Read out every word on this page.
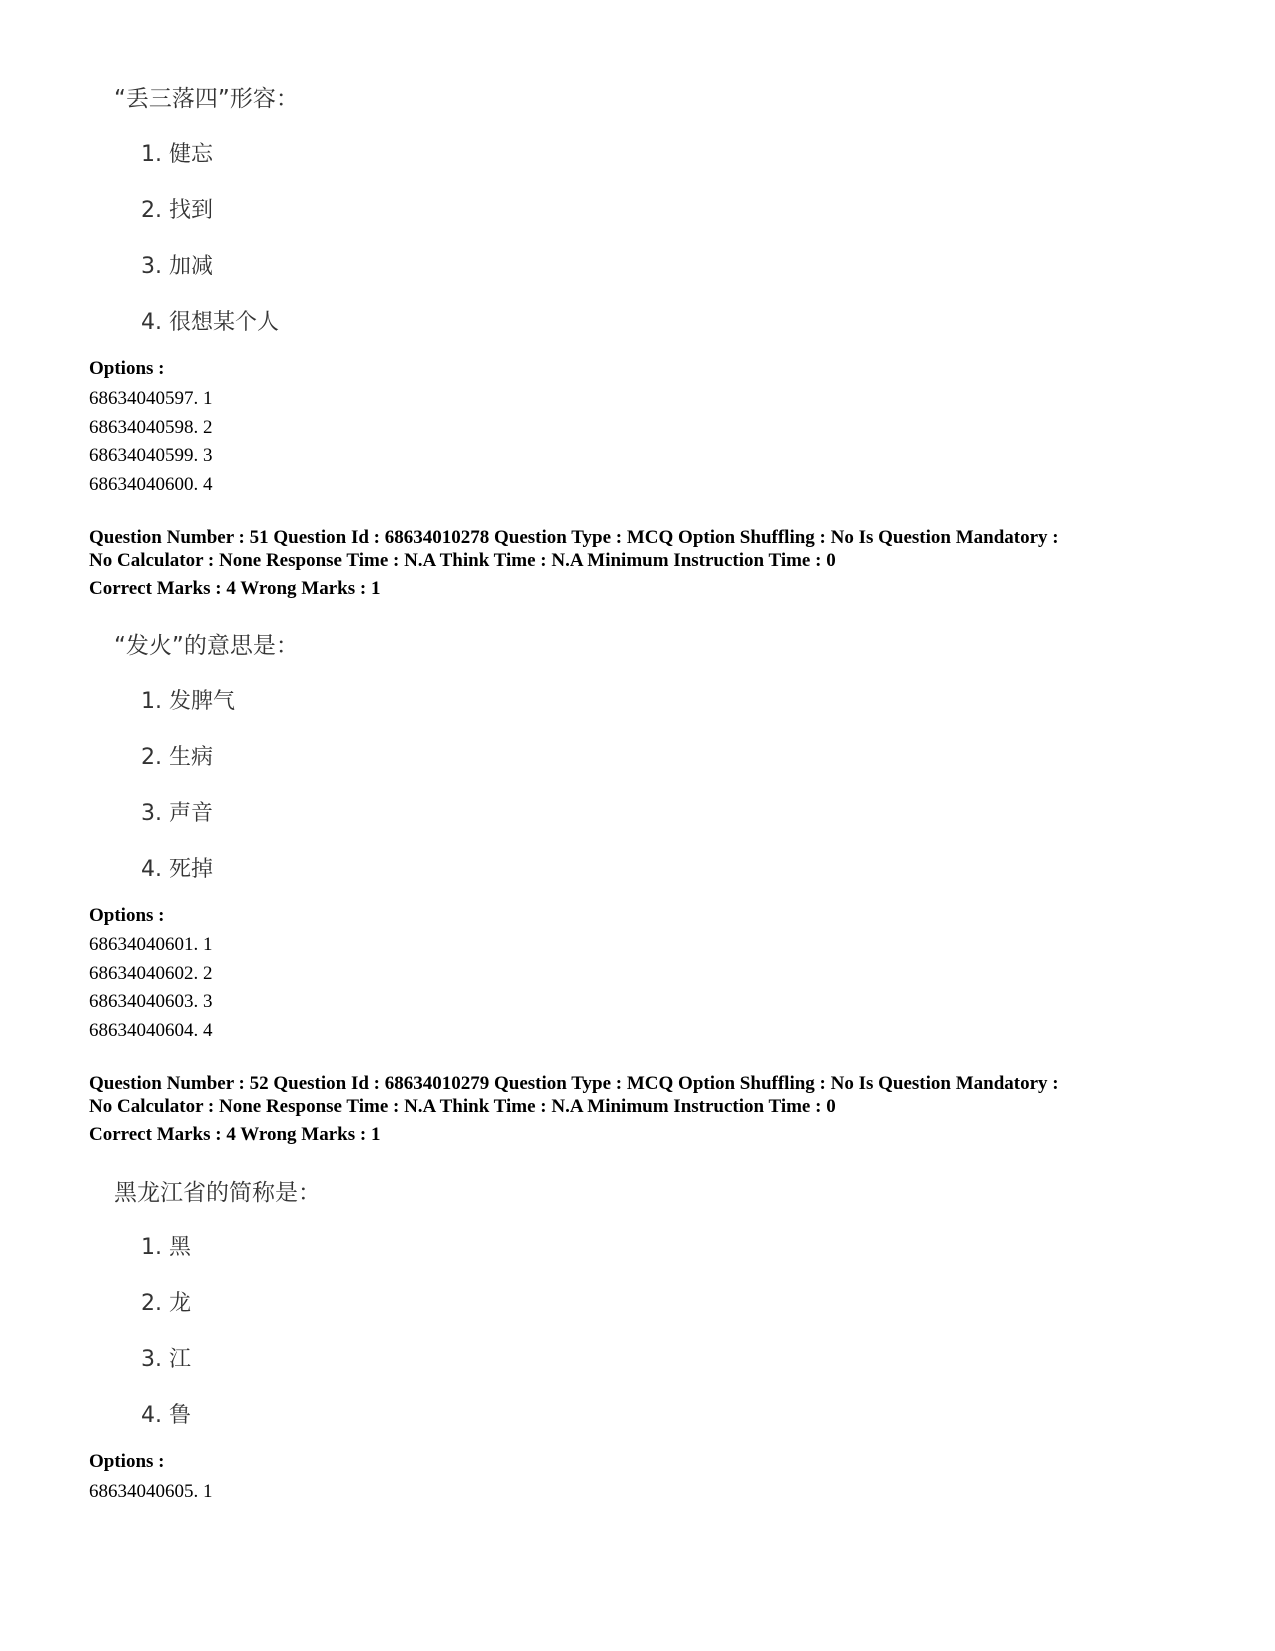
“丢三落四”形容：
1. 健忘
2. 找到
3. 加减
4. 很想某个人
Options :
68634040597. 1
68634040598. 2
68634040599. 3
68634040600. 4
Question Number : 51 Question Id : 68634010278 Question Type : MCQ Option Shuffling : No Is Question Mandatory :
No Calculator : None Response Time : N.A Think Time : N.A Minimum Instruction Time : 0
Correct Marks : 4 Wrong Marks : 1
“发火”的意思是：
1. 发脾气
2. 生病
3. 声音
4. 死掉
Options :
68634040601. 1
68634040602. 2
68634040603. 3
68634040604. 4
Question Number : 52 Question Id : 68634010279 Question Type : MCQ Option Shuffling : No Is Question Mandatory :
No Calculator : None Response Time : N.A Think Time : N.A Minimum Instruction Time : 0
Correct Marks : 4 Wrong Marks : 1
黑龙江省的简称是：
1. 黑
2. 龙
3. 江
4. 鲁
Options :
68634040605. 1
